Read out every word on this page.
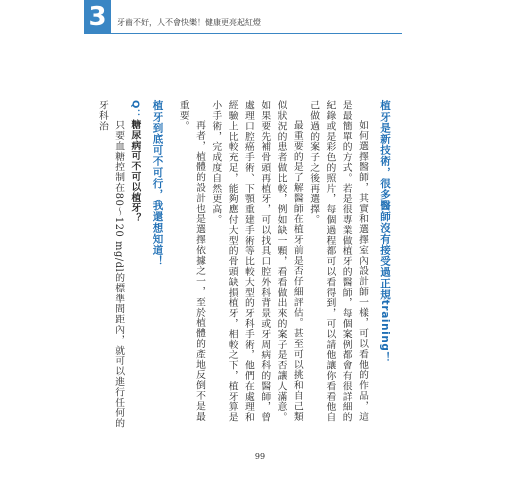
3	牙齒不好，人不會快樂！健康更亮起紅燈

植牙是新技術，很多醫師沒有接受過正規training！

如何選擇醫師，其實和選擇室內設計師一樣，可以看他的作品，這是最簡單的方式。若是很專業做植牙的醫師，每個案例都會有很詳細的紀錄或是彩色的照片，每個過程都可以看得到，可以請他讓你看看他自己做過的案子之後再選擇。

最重要的是了解醫師在植牙前是否仔細評估。甚至可以挑和自己類似狀況的患者做比較，例如缺一顆，看看做出來的案子是否讓人滿意。如果要先補骨頭再植牙，可以找具口腔外科背景或牙周病科的醫師，曾處理口腔癌手術、下顎重建手術等比較大型的牙科手術，他們在處理和經驗上比較充足，能夠應付大型的骨頭缺損植牙，相較之下，植牙算是小手術，完成度自然更高。

再者，植體的設計也是選擇依據之一，至於植體的產地反倒不是最重要。

植牙到底可不可行，我還想知道！

Q：糖尿病可不可以植牙？

只要血糖控制在80～120 mg/dl的標準間距內，就可以進行任何的牙科治

99
